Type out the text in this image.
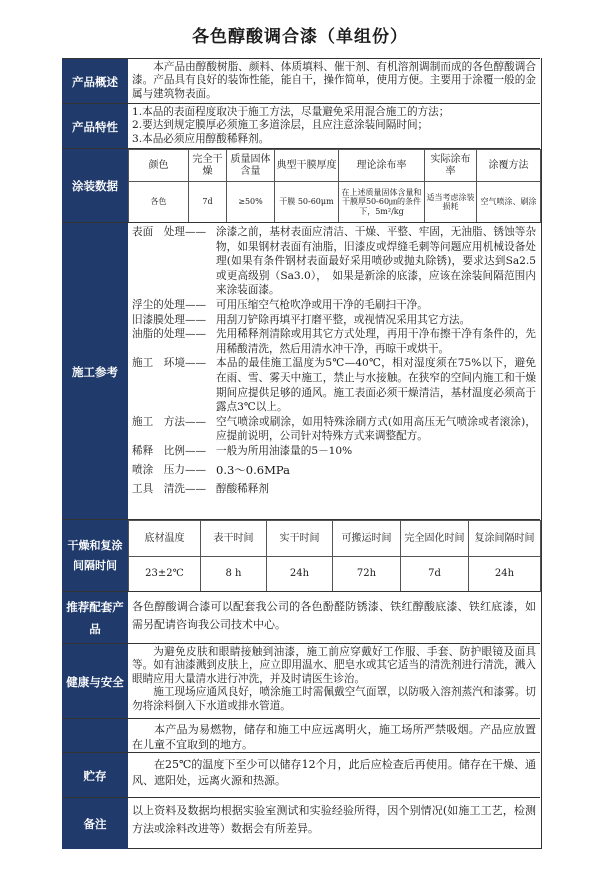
各色醇酸调合漆（单组份）
产品概述
本产品由醇酸树脂、颜料、体质填料、催干剂、有机溶剂调制而成的各色醇酸调合漆。产品具有良好的装饰性能，能自干，操作简单，使用方便。主要用于涂覆一般的金属与建筑物表面。
产品特性
1.本品的表面程度取决于施工方法，尽量避免采用混合施工的方法；
2.要达到规定膜厚必须施工多道涂层，且应注意涂装间隔时间；
3.本品必须应用醇酸稀释剂。
涂装数据
颜色	完全干燥	质量固体含量	典型干膜厚度	理论涂布率	实际涂布率	涂覆方法
各色	7d	≥50%	干膜 50-60μm	在上述质量固体含量和干膜厚50-60㎛的条件下，5m²/kg	适当考虑涂装损耗	空气喷涂、刷涂
施工参考
表面　处理—— 涂漆之前，基材表面应清洁、干燥、平整、牢固，无油脂、锈蚀等杂物，如果钢材表面有油脂，旧漆皮或焊缝毛刺等问题应用机械设备处理(如果有条件钢材表面最好采用喷砂或抛丸除锈)，要求达到Sa2.5或更高级别（Sa3.0），　如果是新涂的底漆，应该在涂装间隔范围内来涂装面漆。
浮尘的处理—— 可用压缩空气枪吹净或用干净的毛刷扫干净。
旧漆膜处理—— 用刮刀铲除再填平打磨平整，或视情况采用其它方法。
油脂的处理—— 先用稀释剂清除或用其它方式处理，再用干净布擦干净有条件的，先用稀酸清洗，然后用清水冲干净，再晾干或烘干。
施工　环境—— 本品的最佳施工温度为5℃—40℃，相对湿度须在75%以下，避免在雨、雪、雾天中施工，禁止与水接触。在狭窄的空间内施工和干燥期间应提供足够的通风。施工表面必须干燥清洁，基材温度必须高于露点3℃以上。
施工　方法—— 空气喷涂或刷涂，如用特殊涂刷方式(如用高压无气喷涂或者滚涂)，应提前说明，公司针对特殊方式来调整配方。
稀释　比例—— 一般为所用油漆量的5－10%
喷涂　压力—— 0.3～0.6MPa
工具　清洗—— 醇酸稀释剂
干燥和复涂间隔时间
底材温度	表干时间	实干时间	可搬运时间	完全固化时间	复涂间隔时间
23±2℃	8 h	24h	72h	7d	24h
推荐配套产品
各色醇酸调合漆可以配套我公司的各色酚醛防锈漆、铁红醇酸底漆、铁红底漆，如需另配请咨询我公司技术中心。
健康与安全
为避免皮肤和眼睛接触到油漆，施工前应穿戴好工作服、手套、防护眼镜及面具等。如有油漆溅到皮肤上，应立即用温水、肥皂水或其它适当的清洗剂进行清洗，溅入眼睛应用大量清水进行冲洗，并及时请医生诊治。
施工现场应通风良好，喷涂施工时需佩戴空气面罩，以防吸入溶剂蒸汽和漆雾。切勿将涂料倒入下水道或排水管道。
本产品为易燃物，储存和施工中应远离明火，施工场所严禁吸烟。产品应放置在儿童不宜取到的地方。
贮存
在25℃的温度下至少可以储存12个月，此后应检查后再使用。储存在干燥、通风、遮阳处，远离火源和热源。
备注
以上资料及数据均根据实验室测试和实验经验所得，因个别情况(如施工工艺，检测方法或涂料改进等）数据会有所差异。
